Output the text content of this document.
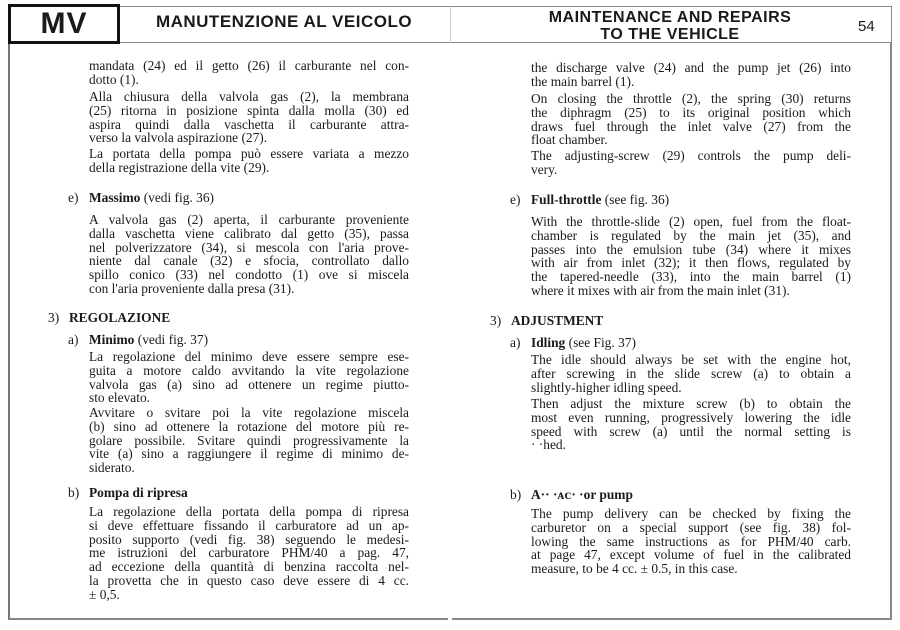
MV	MANUTENZIONE AL VEICOLO	MAINTENANCE AND REPAIRS
TO THE VEHICLE	54
mandata (24) ed il getto (26) il carburante nel con-
dotto (1).
Alla chiusura della valvola gas (2), la membrana
(25) ritorna in posizione spinta dalla molla (30) ed
aspira quindi dalla vaschetta il carburante attra-
verso la valvola aspirazione (27).
La portata della pompa può essere variata a mezzo
della registrazione della vite (29).
e) Massimo (vedi fig. 36)
A valvola gas (2) aperta, il carburante proveniente
dalla vaschetta viene calibrato dal getto (35), passa
nel polverizzatore (34), si mescola con l'aria prove-
niente dal canale (32) e sfocia, controllato dallo
spillo conico (33) nel condotto (1) ove si miscela
con l'aria proveniente dalla presa (31).
3) REGOLAZIONE
a) Minimo (vedi fig. 37)
La regolazione del minimo deve essere sempre ese-
guita a motore caldo avvitando la vite regolazione
valvola gas (a) sino ad ottenere un regime piutto-
sto elevato.
Avvitare o svitare poi la vite regolazione miscela
(b) sino ad ottenere la rotazione del motore più re-
golare possibile. Svitare quindi progressivamente la
vite (a) sino a raggiungere il regime di minimo de-
siderato.
b) Pompa di ripresa
La regolazione della portata della pompa di ripresa
si deve effettuare fissando il carburatore ad un ap-
posito supporto (vedi fig. 38) seguendo le medesi-
me istruzioni del carburatore PHM/40 a pag. 47,
ad eccezione della quantità di benzina raccolta nel-
la provetta che in questo caso deve essere di 4 cc.
± 0,5.
the discharge valve (24) and the pump jet (26) into
the main barrel (1).
On closing the throttle (2), the spring (30) returns
the diphragm (25) to its original position which
draws fuel through the inlet valve (27) from the
float chamber.
The adjusting-screw (29) controls the pump deli-
very.
e) Full-throttle (see fig. 36)
With the throttle-slide (2) open, fuel from the float-
chamber is regulated by the main jet (35), and
passes into the emulsion tube (34) where it mixes
with air from inlet (32); it then flows, regulated by
the tapered-needle (33), into the main barrel (1)
where it mixes with air from the main inlet (31).
3) ADJUSTMENT
a) Idling (see Fig. 37)
The idle should always be set with the engine hot,
after screwing in the slide screw (a) to obtain a
slightly-higher idling speed.
Then adjust the mixture screw (b) to obtain the
most even running, progressively lowering the idle
speed with screw (a) until the normal setting is
· ·hed.
b) A·· ·ᴀᴄ· ·or pump
The pump delivery can be checked by fixing the
carburetor on a special support (see fig. 38) fol-
lowing the same instructions as for PHM/40 carb.
at page 47, except volume of fuel in the calibrated
measure, to be 4 cc. ± 0.5, in this case.
